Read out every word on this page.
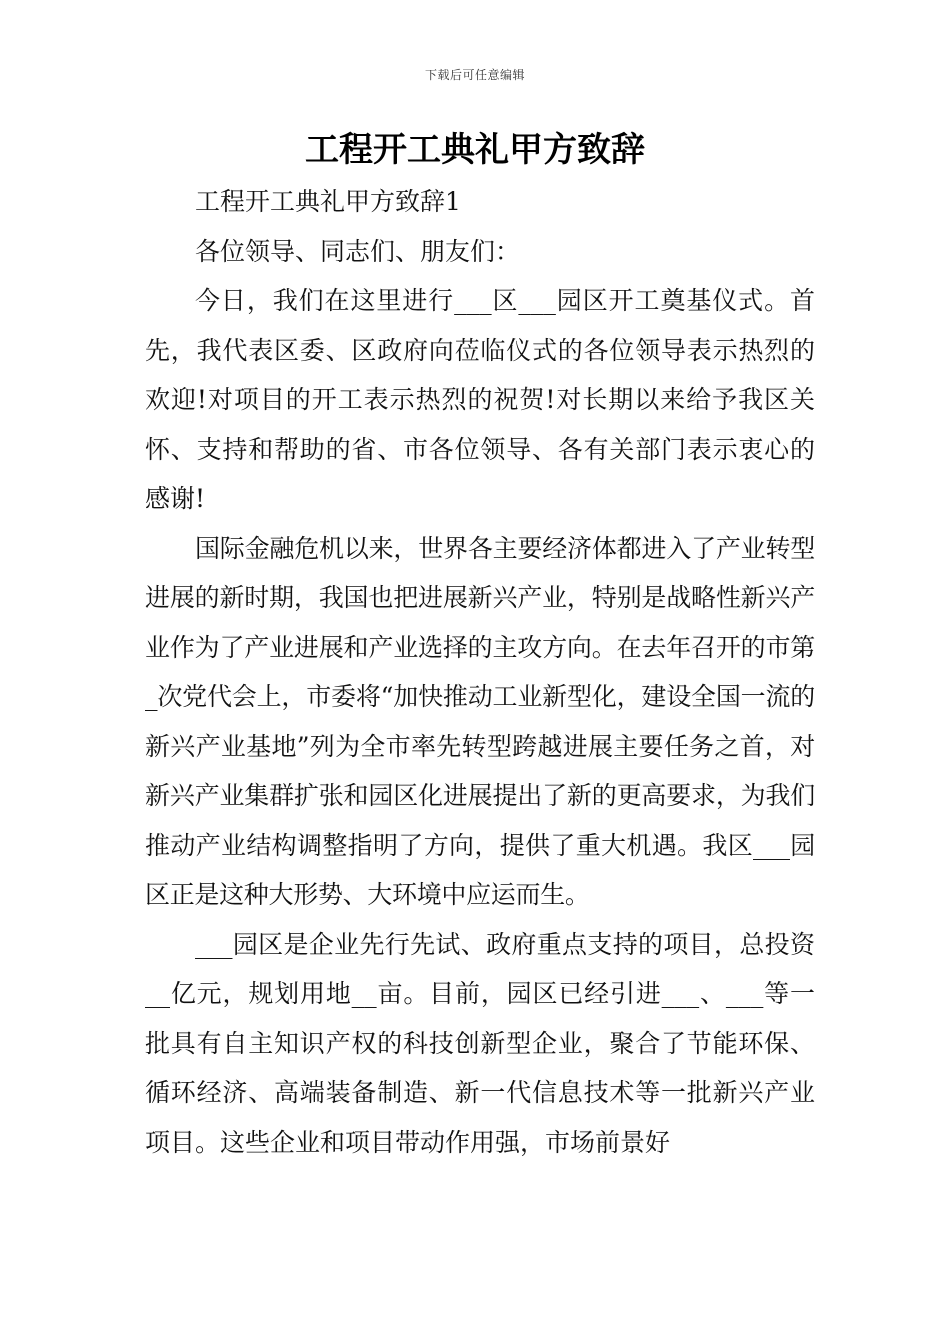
下载后可任意编辑
工程开工典礼甲方致辞

工程开工典礼甲方致辞1

各位领导、同志们、朋友们：

今日，我们在这里进行___区___园区开工奠基仪式。首先，我代表区委、区政府向莅临仪式的各位领导表示热烈的欢迎!对项目的开工表示热烈的祝贺!对长期以来给予我区关怀、支持和帮助的省、市各位领导、各有关部门表示衷心的感谢!

国际金融危机以来，世界各主要经济体都进入了产业转型进展的新时期，我国也把进展新兴产业，特别是战略性新兴产业作为了产业进展和产业选择的主攻方向。在去年召开的市第_次党代会上，市委将“加快推动工业新型化，建设全国一流的新兴产业基地”列为全市率先转型跨越进展主要任务之首，对新兴产业集群扩张和园区化进展提出了新的更高要求，为我们推动产业结构调整指明了方向，提供了重大机遇。我区___园区正是这种大形势、大环境中应运而生。

___园区是企业先行先试、政府重点支持的项目，总投资__亿元，规划用地__亩。目前，园区已经引进___、___等一批具有自主知识产权的科技创新型企业，聚合了节能环保、循环经济、高端装备制造、新一代信息技术等一批新兴产业项目。这些企业和项目带动作用强，市场前景好
